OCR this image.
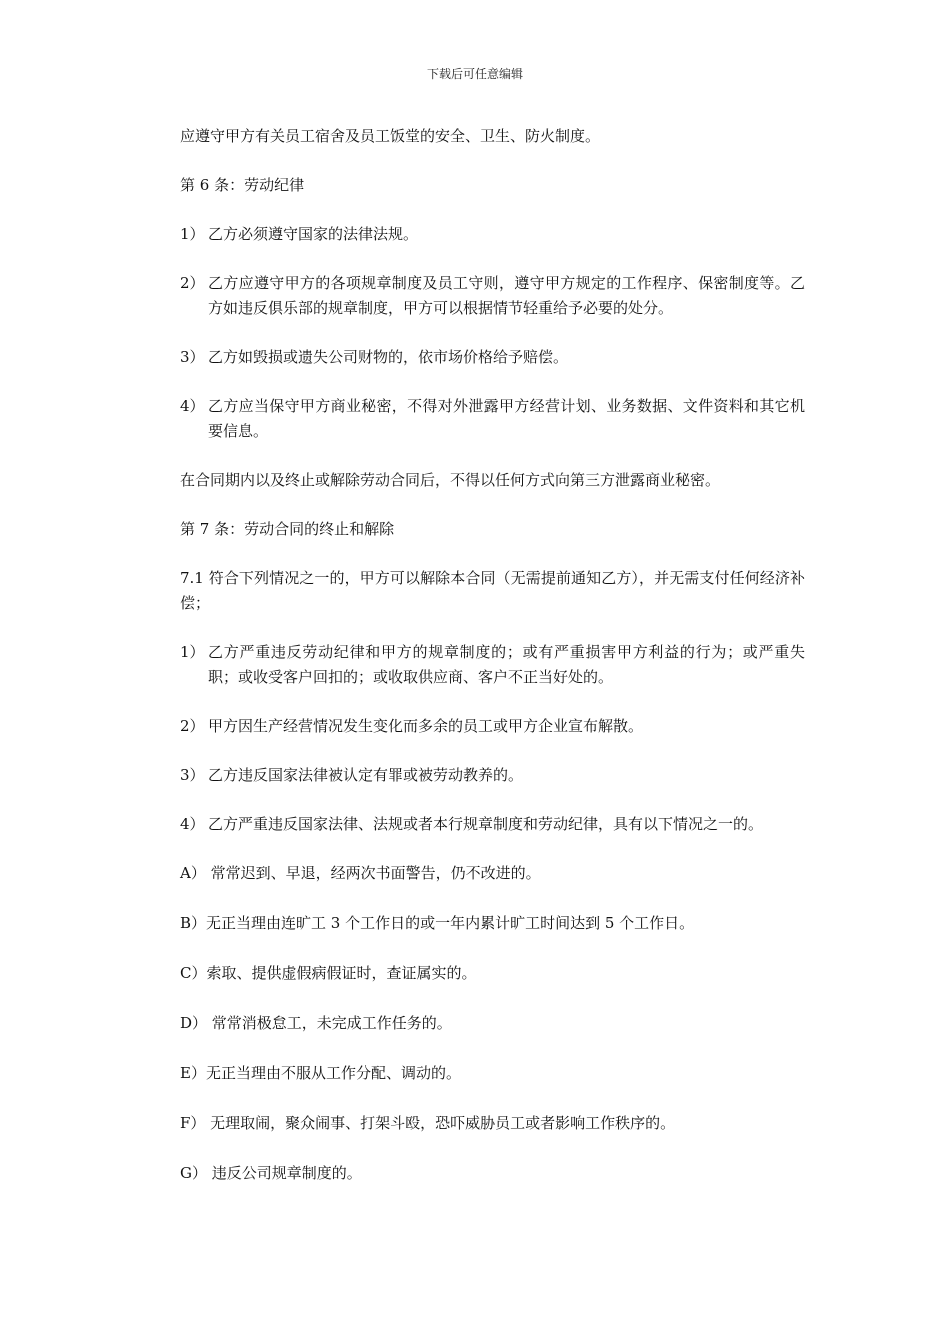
下载后可任意编辑

应遵守甲方有关员工宿舍及员工饭堂的安全、卫生、防火制度。

第 6 条：劳动纪律

1） 乙方必须遵守国家的法律法规。
2） 乙方应遵守甲方的各项规章制度及员工守则，遵守甲方规定的工作程序、保密制度等。乙方如违反俱乐部的规章制度，甲方可以根据情节轻重给予必要的处分。
3） 乙方如毁损或遗失公司财物的，依市场价格给予赔偿。
4） 乙方应当保守甲方商业秘密，不得对外泄露甲方经营计划、业务数据、文件资料和其它机要信息。

在合同期内以及终止或解除劳动合同后，不得以任何方式向第三方泄露商业秘密。

第 7 条：劳动合同的终止和解除

7.1 符合下列情况之一的，甲方可以解除本合同（无需提前通知乙方），并无需支付任何经济补偿；

1） 乙方严重违反劳动纪律和甲方的规章制度的；或有严重损害甲方利益的行为；或严重失职；或收受客户回扣的；或收取供应商、客户不正当好处的。
2） 甲方因生产经营情况发生变化而多余的员工或甲方企业宣布解散。
3） 乙方违反国家法律被认定有罪或被劳动教养的。
4） 乙方严重违反国家法律、法规或者本行规章制度和劳动纪律，具有以下情况之一的。

A） 常常迟到、早退，经两次书面警告，仍不改进的。

B）无正当理由连旷工 3 个工作日的或一年内累计旷工时间达到 5 个工作日。

C）索取、提供虚假病假证时，查证属实的。

D） 常常消极怠工，未完成工作任务的。

E）无正当理由不服从工作分配、调动的。

F） 无理取闹，聚众闹事、打架斗殴，恐吓威胁员工或者影响工作秩序的。

G） 违反公司规章制度的。
